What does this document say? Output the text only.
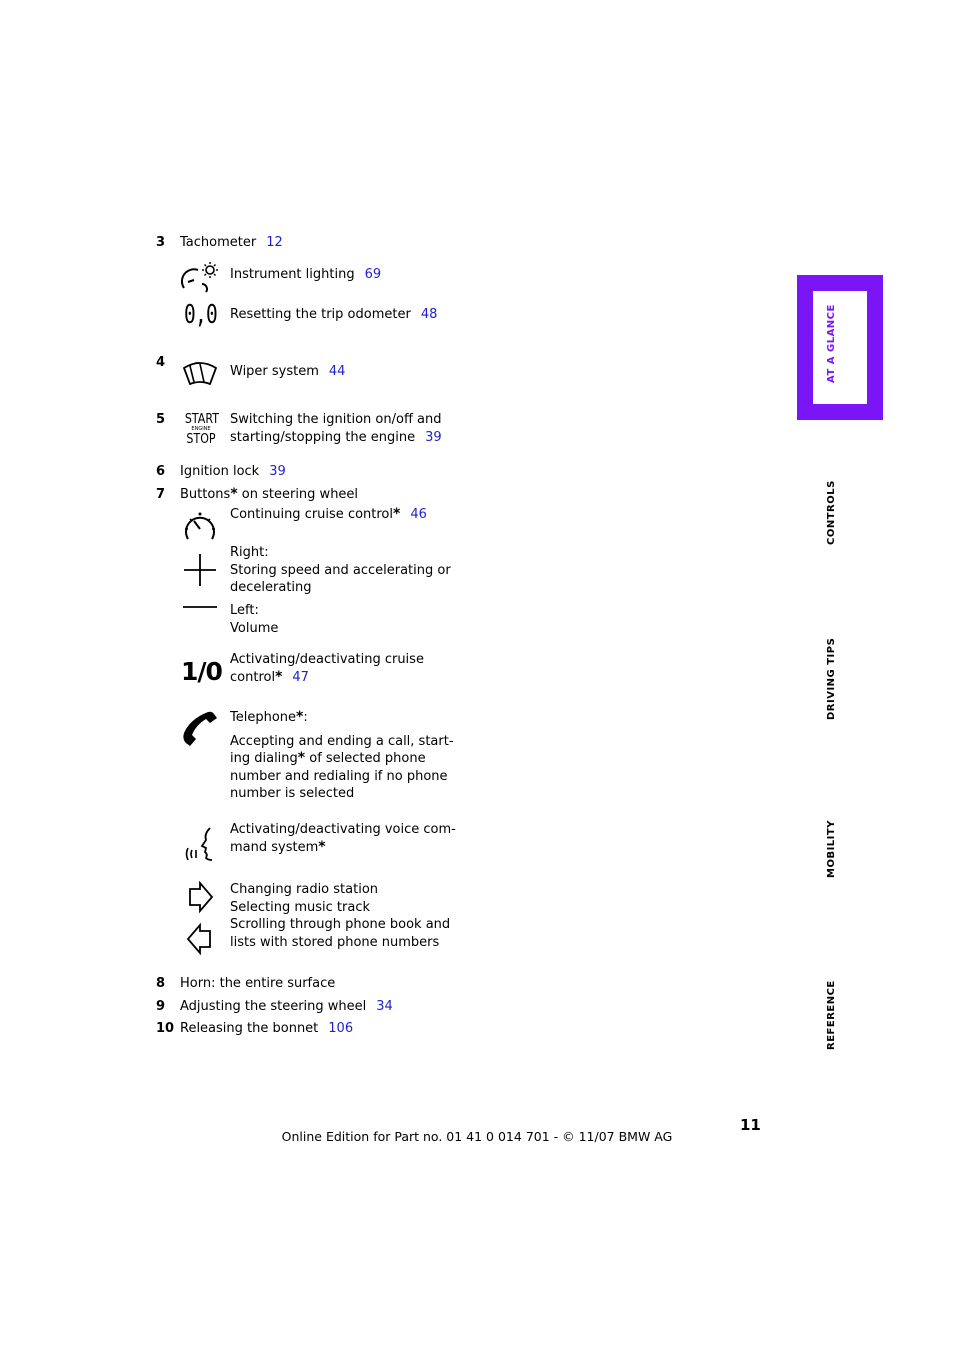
3 Tachometer 12
Instrument lighting 69
0,0 Resetting the trip odometer 48
4
Wiper system 44
5 START
ENGINE
STOP
Switching the ignition on/off and
starting/stopping the engine 39
6 Ignition lock 39
7 Buttons* on steering wheel
Continuing cruise control* 46
Right:
Storing speed and accelerating or
decelerating
Left:
Volume
1/0 Activating/deactivating cruise
control* 47
Telephone*:
Accepting and ending a call, start-
ing dialing* of selected phone
number and redialing if no phone
number is selected
Activating/deactivating voice com-
mand system*
Changing radio station
Selecting music track
Scrolling through phone book and
lists with stored phone numbers
8 Horn: the entire surface
9 Adjusting the steering wheel 34
10 Releasing the bonnet 106
AT A GLANCE
CONTROLS
DRIVING TIPS
MOBILITY
REFERENCE
11
Online Edition for Part no. 01 41 0 014 701 - © 11/07 BMW AG
